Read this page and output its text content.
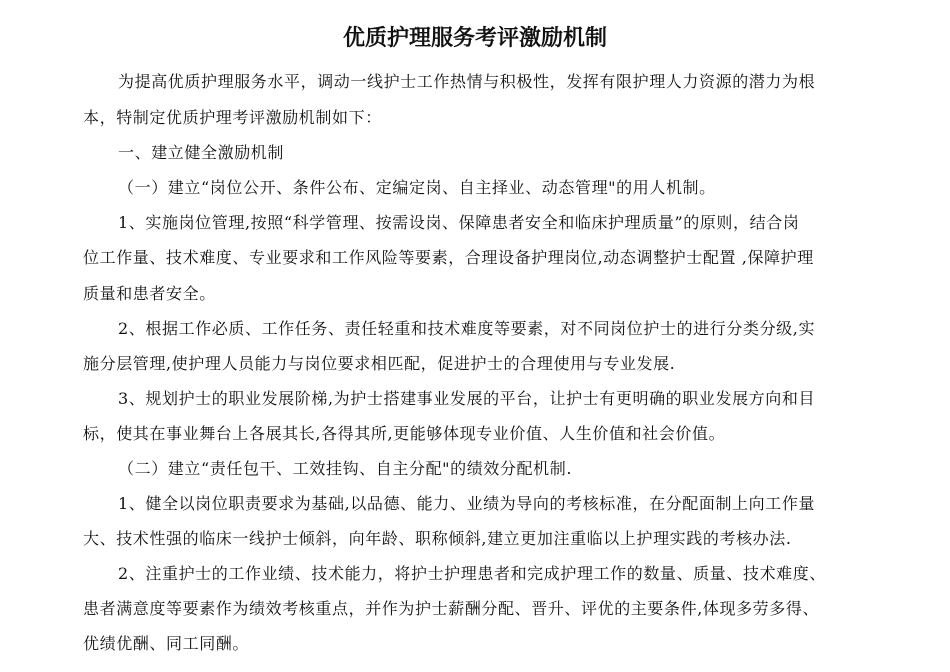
优质护理服务考评激励机制
为提高优质护理服务水平，调动一线护士工作热情与积极性，发挥有限护理人力资源的潜力为根
本，特制定优质护理考评激励机制如下：
一、建立健全激励机制
（一）建立“岗位公开、条件公布、定编定岗、自主择业、动态管理"的用人机制。
1、实施岗位管理,按照“科学管理、按需设岗、保障患者安全和临床护理质量”的原则，结合岗
位工作量、技术难度、专业要求和工作风险等要素，合理设备护理岗位,动态调整护士配置 ,保障护理
质量和患者安全。
2、根据工作必质、工作任务、责任轻重和技术难度等要素，对不同岗位护士的进行分类分级,实
施分层管理,使护理人员能力与岗位要求相匹配，促进护士的合理使用与专业发展.
3、规划护士的职业发展阶梯,为护士搭建事业发展的平台，让护士有更明确的职业发展方向和目
标，使其在事业舞台上各展其长,各得其所,更能够体现专业价值、人生价值和社会价值。
（二）建立“责任包干、工效挂钩、自主分配"的绩效分配机制.
1、健全以岗位职责要求为基础,以品德、能力、业绩为导向的考核标准，在分配面制上向工作量
大、技术性强的临床一线护士倾斜，向年龄、职称倾斜,建立更加注重临以上护理实践的考核办法.
2、注重护士的工作业绩、技术能力，将护士护理患者和完成护理工作的数量、质量、技术难度、
患者满意度等要素作为绩效考核重点，并作为护士薪酬分配、晋升、评优的主要条件,体现多劳多得、
优绩优酬、同工同酬。
